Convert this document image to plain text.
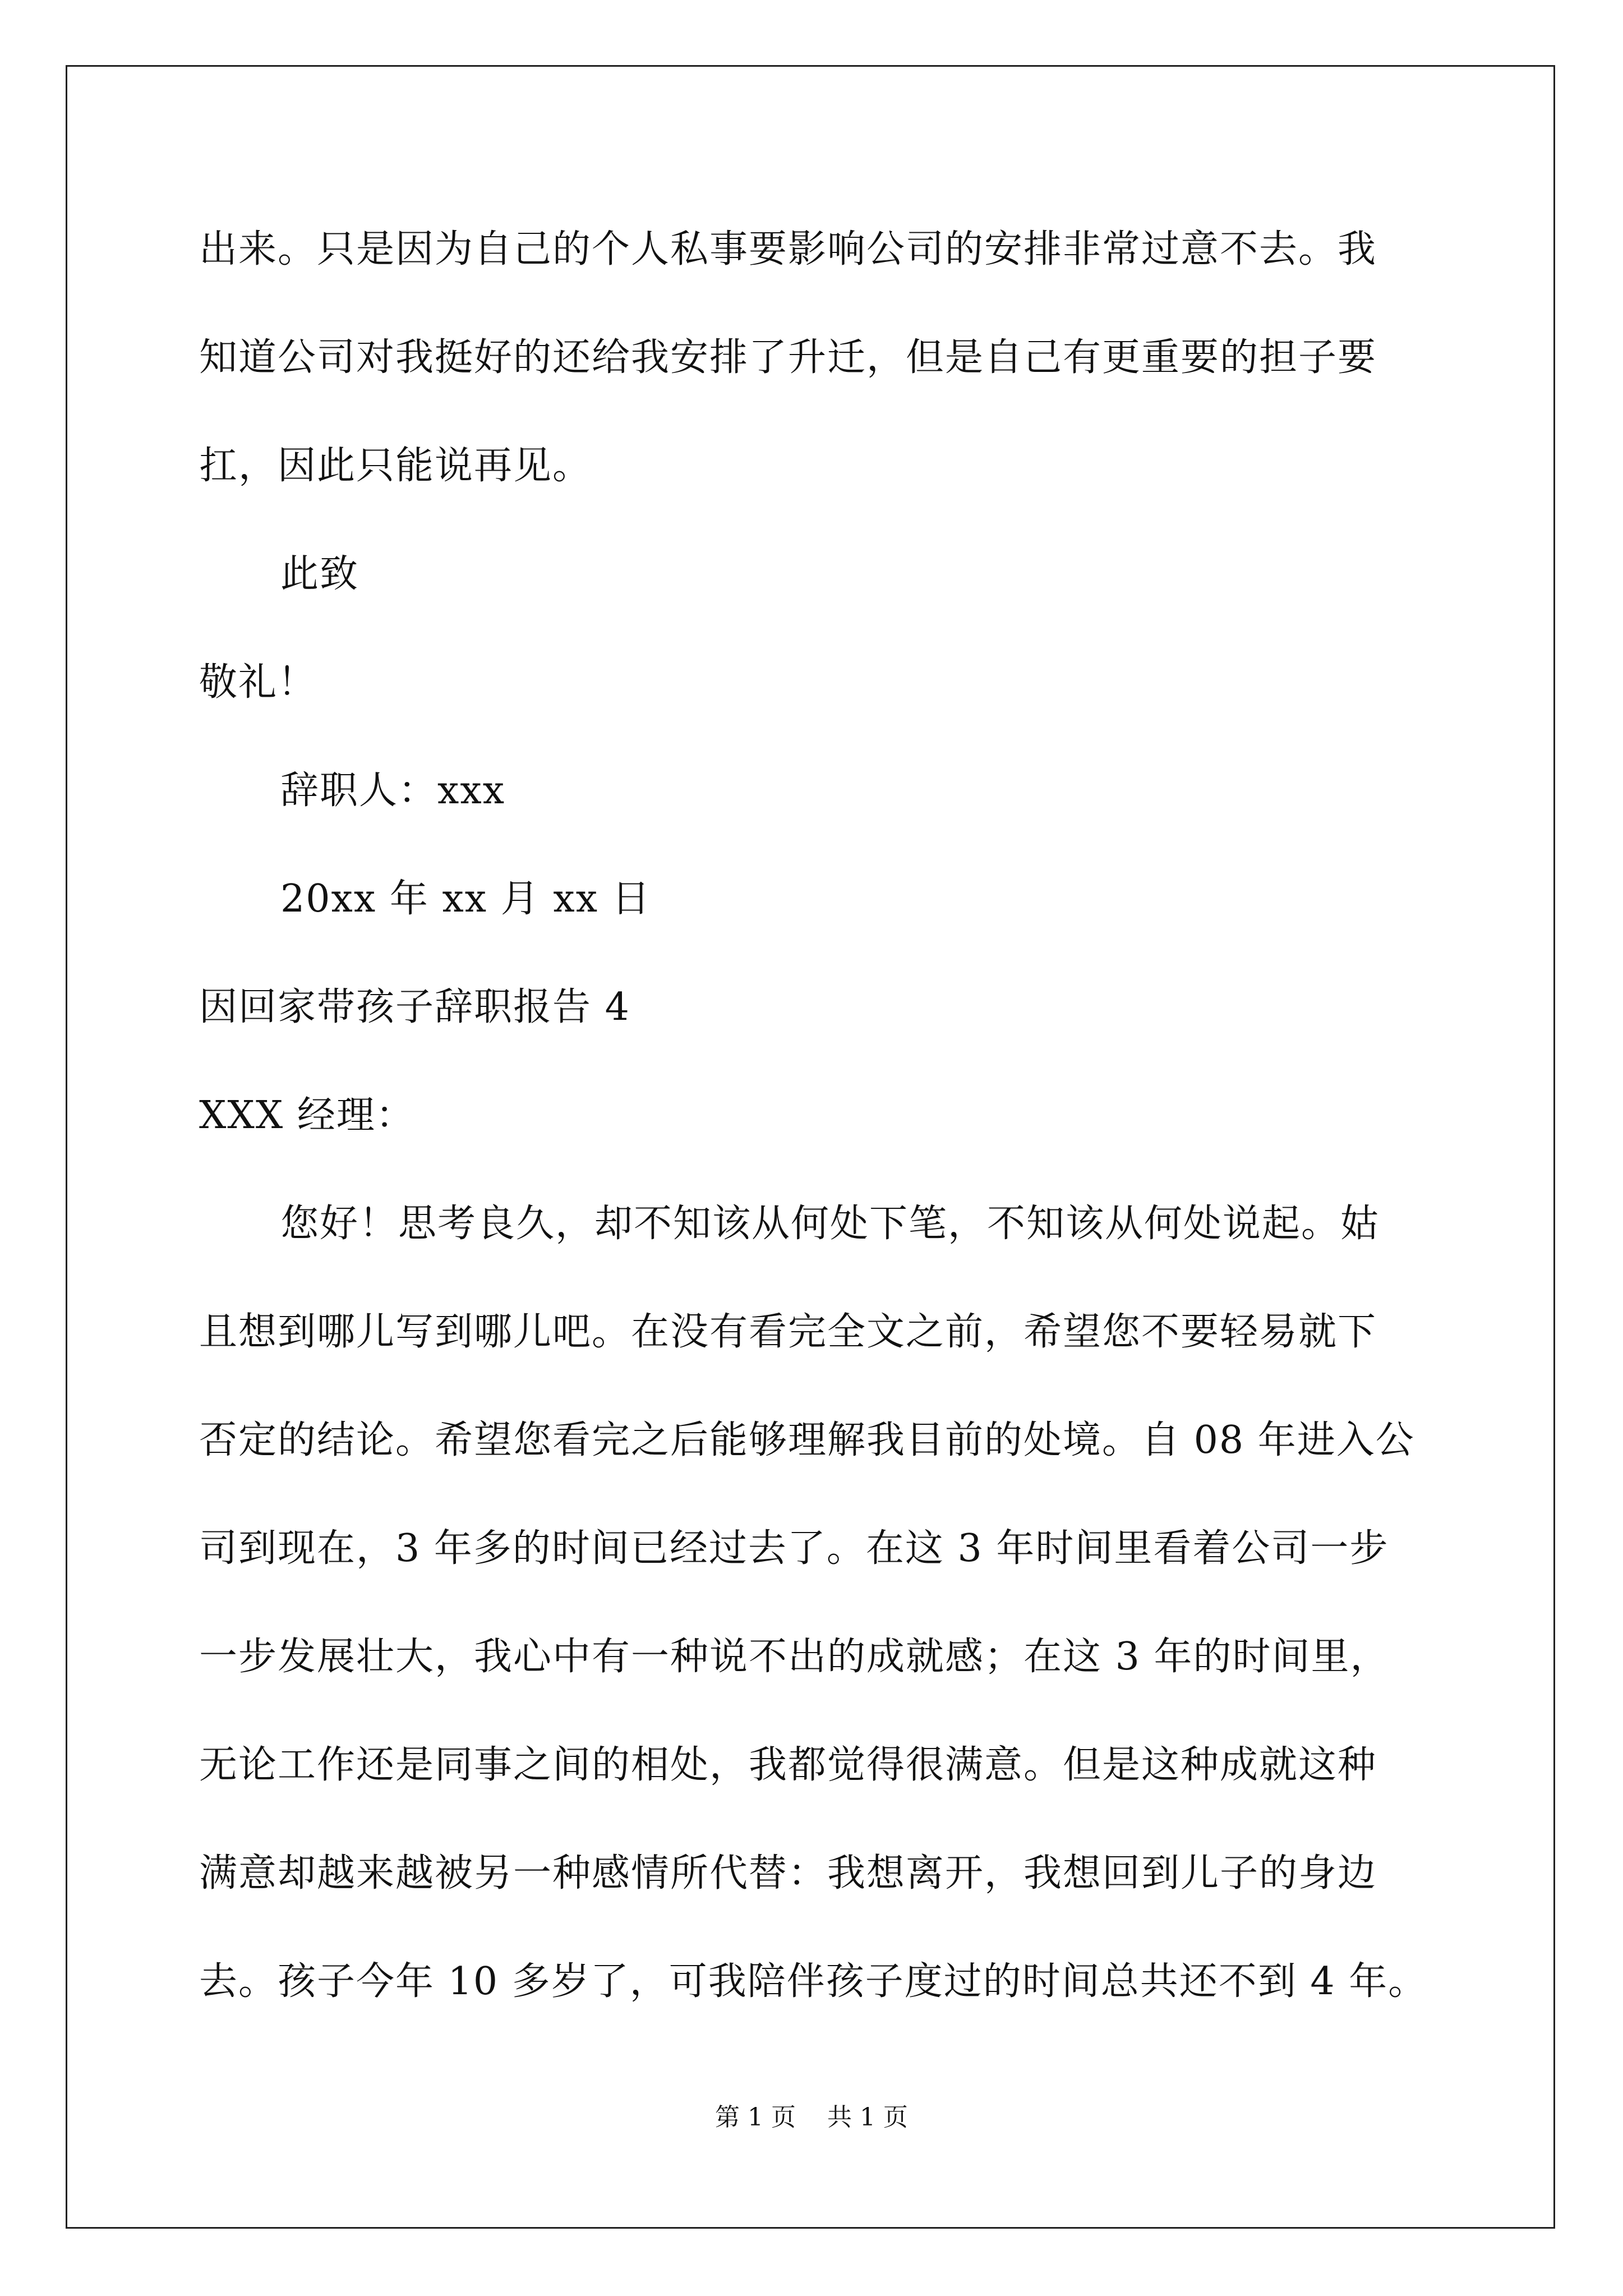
出来。只是因为自己的个人私事要影响公司的安排非常过意不去。我
知道公司对我挺好的还给我安排了升迁，但是自己有更重要的担子要
扛，因此只能说再见。
此致
敬礼！
辞职人：xxx
20xx 年 xx 月 xx 日
因回家带孩子辞职报告 4
XXX 经理：
您好！思考良久，却不知该从何处下笔，不知该从何处说起。姑
且想到哪儿写到哪儿吧。在没有看完全文之前，希望您不要轻易就下
否定的结论。希望您看完之后能够理解我目前的处境。自 08 年进入公
司到现在，3 年多的时间已经过去了。在这 3 年时间里看着公司一步
一步发展壮大，我心中有一种说不出的成就感；在这 3 年的时间里，
无论工作还是同事之间的相处，我都觉得很满意。但是这种成就这种
满意却越来越被另一种感情所代替：我想离开，我想回到儿子的身边
去。孩子今年 10 多岁了，可我陪伴孩子度过的时间总共还不到 4 年。
第 1 页    共 1 页
